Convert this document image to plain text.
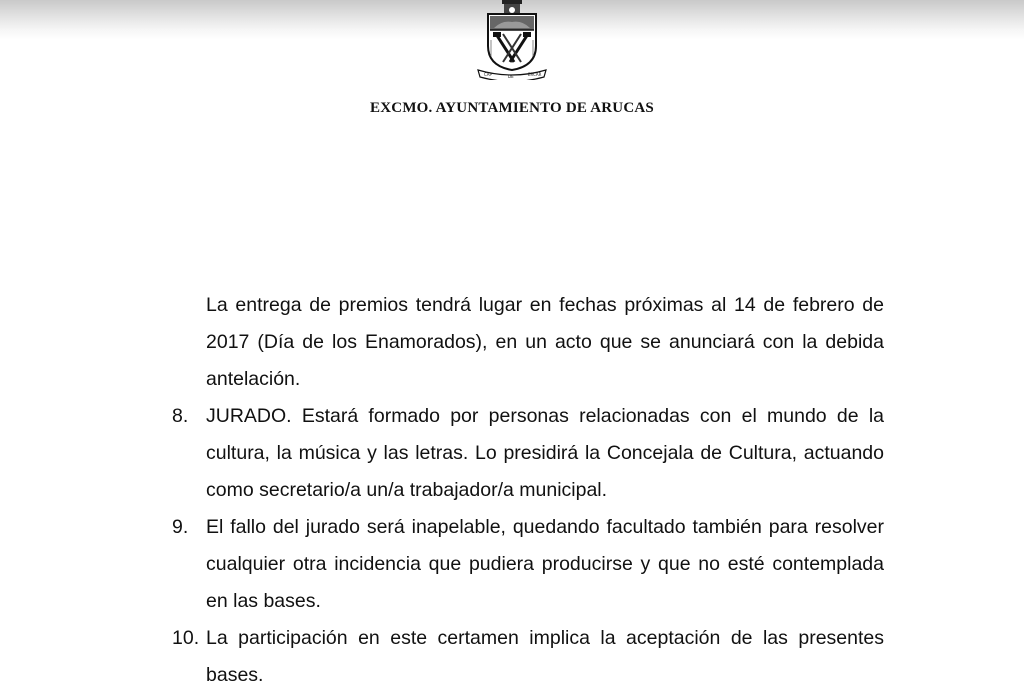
CAP	DE	ERCAR
EXCMO. AYUNTAMIENTO DE ARUCAS
La entrega de premios tendrá lugar en fechas próximas al 14 de febrero de 2017 (Día de los Enamorados), en un acto que se anunciará con la debida antelación.
8. JURADO. Estará formado por personas relacionadas con el mundo de la cultura, la música y las letras. Lo presidirá la Concejala de Cultura, actuando como secretario/a un/a trabajador/a municipal.
9. El fallo del jurado será inapelable, quedando facultado también para resolver cualquier otra incidencia que pudiera producirse y que no esté contemplada en las bases.
10. La participación en este certamen implica la aceptación de las presentes bases.
